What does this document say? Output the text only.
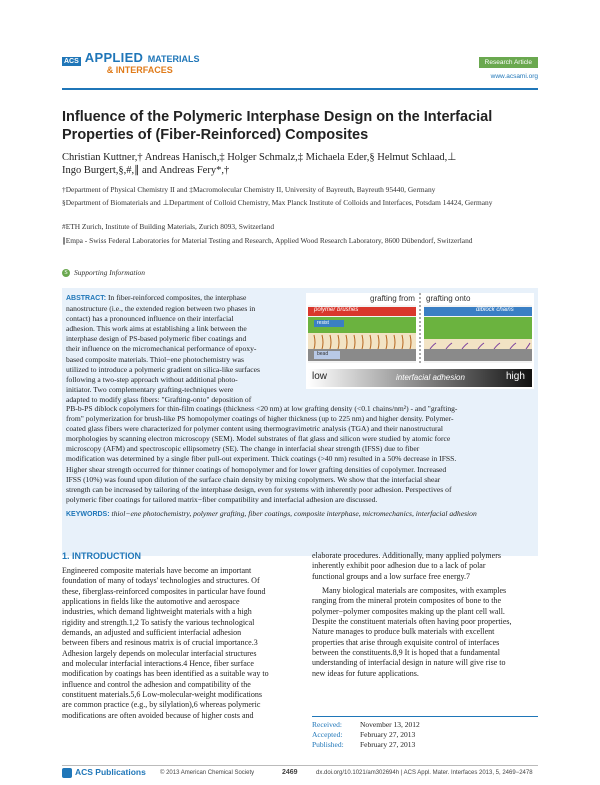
ACS APPLIED MATERIALS
& INTERFACES
Research Article
www.acsami.org
Influence of the Polymeric Interphase Design on the Interfacial Properties of (Fiber-Reinforced) Composites
Christian Kuttner,† Andreas Hanisch,‡ Holger Schmalz,‡ Michaela Eder,§ Helmut Schlaad,⊥
Ingo Burgert,§,#,∥ and Andreas Fery*,†
†Department of Physical Chemistry II and ‡Macromolecular Chemistry II, University of Bayreuth, Bayreuth 95440, Germany
§Department of Biomaterials and ⊥Department of Colloid Chemistry, Max Planck Institute of Colloids and Interfaces, Potsdam 14424, Germany
#ETH Zurich, Institute of Building Materials, Zurich 8093, Switzerland
∥Empa - Swiss Federal Laboratories for Material Testing and Research, Applied Wood Research Laboratory, 8600 Dübendorf, Switzerland
S Supporting Information
ABSTRACT: In fiber-reinforced composites, the interphase
nanostructure (i.e., the extended region between two phases in
contact) has a pronounced influence on their interfacial
adhesion. This work aims at establishing a link between the
interphase design of PS-based polymeric fiber coatings and
their influence on the micromechanical performance of epoxy-
based composite materials. Thiol−ene photochemistry was
utilized to introduce a polymeric gradient on silica-like surfaces
following a two-step approach without additional photo-
initiator. Two complementary grafting-techniques were
adapted to modify glass fibers: "Grafting-onto" deposition of
grafting from grafting onto
polymer brushes	diblock chains
resist
bead
low	interfacial adhesion	high
PB-b-PS diblock copolymers for thin-film coatings (thickness <20 nm) at low grafting density (<0.1 chains/nm²) - and "grafting-
from" polymerization for brush-like PS homopolymer coatings of higher thickness (up to 225 nm) and higher density. Polymer-
coated glass fibers were characterized for polymer content using thermogravimetric analysis (TGA) and their nanostructural
morphologies by scanning electron microscopy (SEM). Model substrates of flat glass and silicon were studied by atomic force
microscopy (AFM) and spectroscopic ellipsometry (SE). The change in interfacial shear strength (IFSS) due to fiber
modification was determined by a single fiber pull-out experiment. Thick coatings (>40 nm) resulted in a 50% decrease in IFSS.
Higher shear strength occurred for thinner coatings of homopolymer and for lower grafting densities of copolymer. Increased
IFSS (10%) was found upon dilution of the surface chain density by mixing copolymers. We show that the interfacial shear
strength can be increased by tailoring of the interphase design, even for systems with inherently poor adhesion. Perspectives of
polymeric fiber coatings for tailored matrix−fiber compatibility and interfacial adhesion are discussed.
KEYWORDS: thiol−ene photochemistry, polymer grafting, fiber coatings, composite interphase, micromechanics, interfacial adhesion
1. INTRODUCTION
Engineered composite materials have become an important
foundation of many of todays' technologies and structures. Of
these, fiberglass-reinforced composites in particular have found
applications in fields like the automotive and aerospace
industries, which demand lightweight materials with a high
rigidity and strength.1,2 To satisfy the various technological
demands, an adjusted and sufficient interfacial adhesion
between fibers and resinous matrix is of crucial importance.3
Adhesion largely depends on molecular interfacial structures
and molecular interfacial interactions.4 Hence, fiber surface
modification by coatings has been identified as a suitable way to
influence and control the adhesion and compatibility of the
constituent materials.5,6 Low-molecular-weight modifications
are common practice (e.g., by silylation),6 whereas polymeric
modifications are often avoided because of higher costs and
elaborate procedures. Additionally, many applied polymers
inherently exhibit poor adhesion due to a lack of polar
functional groups and a low surface free energy.7
Many biological materials are composites, with examples
ranging from the mineral protein composites of bone to the
polymer−polymer composites making up the plant cell wall.
Despite the constituent materials often having poor properties,
Nature manages to produce bulk materials with excellent
properties that arise through exquisite control of interfaces
between the constituents.8,9 It is hoped that a fundamental
understanding of interfacial design in nature will give rise to
new ideas for future applications.
Received: November 13, 2012
Accepted: February 27, 2013
Published: February 27, 2013
ACS Publications © 2013 American Chemical Society	2469	dx.doi.org/10.1021/am302694h | ACS Appl. Mater. Interfaces 2013, 5, 2469−2478
